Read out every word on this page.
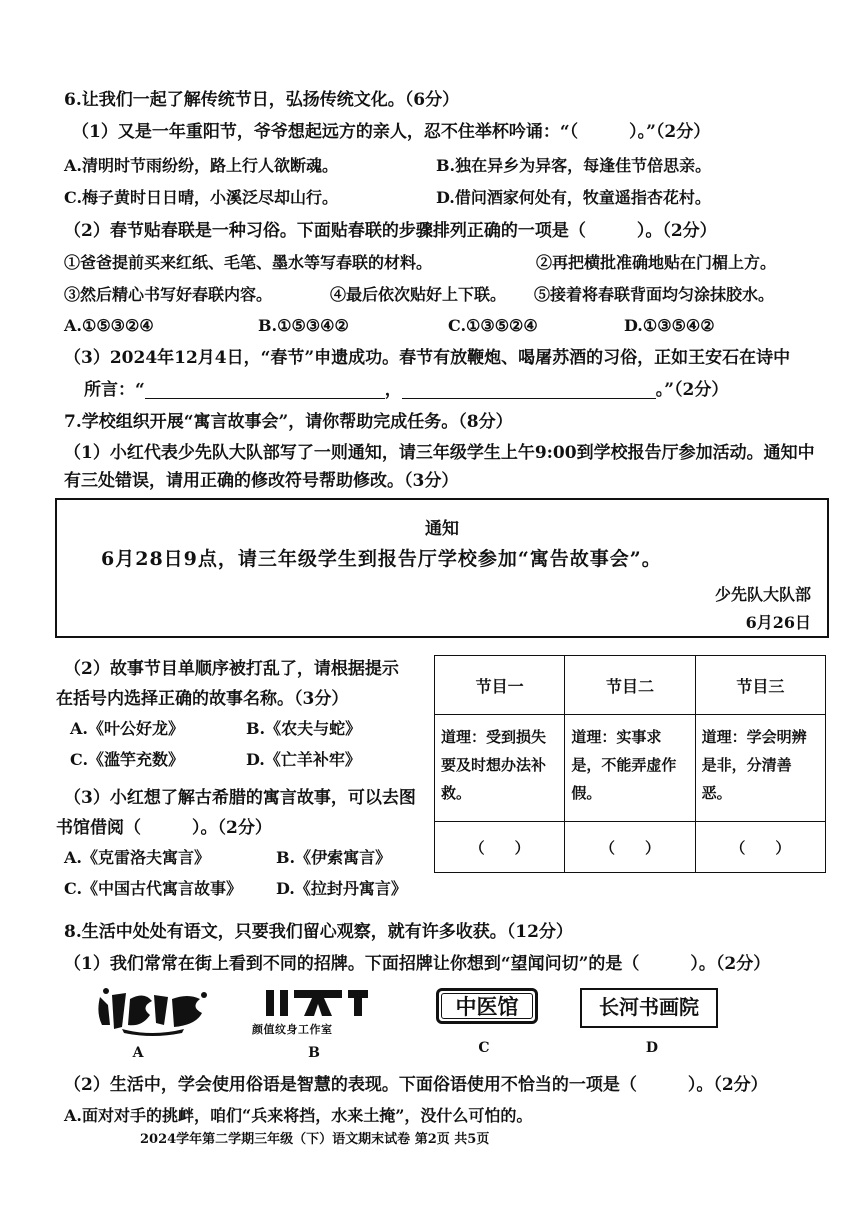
6.让我们一起了解传统节日，弘扬传统文化。（6分）
（1）又是一年重阳节，爷爷想起远方的亲人，忍不住举杯吟诵：“（　　　）。”（2分）
A.清明时节雨纷纷，路上行人欲断魂。	B.独在异乡为异客，每逢佳节倍思亲。
C.梅子黄时日日晴，小溪泛尽却山行。	D.借问酒家何处有，牧童遥指杏花村。
（2）春节贴春联是一种习俗。下面贴春联的步骤排列正确的一项是（　　　）。（2分）
①爸爸提前买来红纸、毛笔、墨水等写春联的材料。	②再把横批准确地贴在门楣上方。
③然后精心书写好春联内容。	④最后依次贴好上下联。 ⑤接着将春联背面均匀涂抹胶水。
A.①⑤③②④	B.①⑤③④②	C.①③⑤②④	D.①③⑤④②
（3）2024年12月4日，“春节”申遗成功。春节有放鞭炮、喝屠苏酒的习俗，正如王安石在诗中
所言：“	，	。”（2分）
7.学校组织开展“寓言故事会”，请你帮助完成任务。（8分）
（1）小红代表少先队大队部写了一则通知，请三年级学生上午9:00到学校报告厅参加活动。通知中
有三处错误，请用正确的修改符号帮助修改。（3分）
通知
6月28日9点，请三年级学生到报告厅学校参加“寓告故事会”。
少先队大队部
6月26日
（2）故事节目单顺序被打乱了，请根据提示
在括号内选择正确的故事名称。（3分）
A.《叶公好龙》	B.《农夫与蛇》
C.《滥竽充数》	D.《亡羊补牢》
节目一	节目二	节目三
道理：受到损失要及时想办法补救。	道理：实事求是，不能弄虚作假。	道理：学会明辨是非，分清善恶。
（　　）	（　　）	（　　）
（3）小红想了解古希腊的寓言故事，可以去图
书馆借阅（　　　）。（2分）
A.《克雷洛夫寓言》	B.《伊索寓言》
C.《中国古代寓言故事》 D.《拉封丹寓言》
8.生活中处处有语文，只要我们留心观察，就有许多收获。（12分）
（1）我们常常在街上看到不同的招牌。下面招牌让你想到“望闻问切”的是（　　　）。（2分）
A
颜值纹身工作室
B
中医馆
C
长河书画院
D
（2）生活中，学会使用俗语是智慧的表现。下面俗语使用不恰当的一项是（　　　）。（2分）
A.面对对手的挑衅，咱们“兵来将挡，水来土掩”，没什么可怕的。
2024学年第二学期三年级（下）语文期末试卷 第2页 共5页
